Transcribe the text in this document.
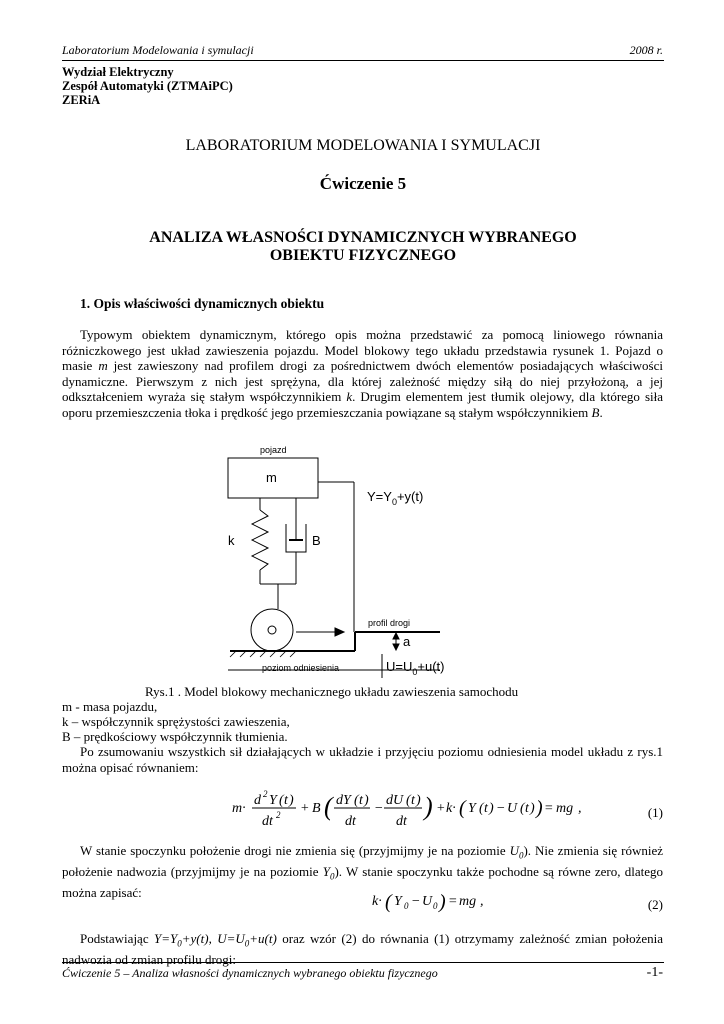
Laboratorium Modelowania i symulacji	2008 r.
Wydział Elektryczny
Zespół Automatyki (ZTMAiPC)
ZERiA
LABORATORIUM MODELOWANIA I SYMULACJI
Ćwiczenie 5
ANALIZA WŁASNOŚCI DYNAMICZNYCH WYBRANEGO
OBIEKTU FIZYCZNEGO
1. Opis właściwości dynamicznych obiektu

Typowym obiektem dynamicznym, którego opis można przedstawić za pomocą liniowego równania różniczkowego jest układ zawieszenia pojazdu. Model blokowy tego układu przedstawia rysunek 1. Pojazd o masie m jest zawieszony nad profilem drogi za pośrednictwem dwóch elementów posiadających właściwości dynamiczne. Pierwszym z nich jest sprężyna, dla której zależność między siłą do niej przyłożoną, a jej odkształceniem wyraża się stałym współczynnikiem k. Drugim elementem jest tłumik olejowy, dla którego siła oporu przemieszczenia tłoka i prędkość jego przemieszczania powiązane są stałym współczynnikiem B.

pojazd
m
k	B
$Y=Y_0+y(t)$
profil drogi
a
$U=U_0+u(t)$
poziom odniesienia
Rys.1 . Model blokowy mechanicznego układu zawieszenia samochodu
m - masa pojazdu,
k – współczynnik sprężystości zawieszenia,
B – prędkościowy współczynnik tłumienia.

Po zsumowaniu wszystkich sił działających w układzie i przyjęciu poziomu odniesienia model układu z rys.1 można opisać równaniem:

m·
d 2 Y ( t )
dt 2 + B ( dY ( t )
dt
−
dU ( t )
dt
) + k· ( Y ( t ) − U ( t ) ) = mg ,	(1)

W stanie spoczynku położenie drogi nie zmienia się (przyjmijmy je na poziomie $U_0$). Nie zmienia się również położenie nadwozia (przyjmijmy je na poziomie $Y_0$). W stanie spoczynku także pochodne są równe zero, dlatego można zapisać:

k· ( Y 0 − U 0 ) = mg ,	(2)

Podstawiając $Y=Y_0+y(t)$, $U=U_0+u(t)$ oraz wzór (2) do równania (1) otrzymamy zależność zmian położenia nadwozia od zmian profilu drogi:

Ćwiczenie 5 – Analiza własności dynamicznych wybranego obiektu fizycznego	-1-
